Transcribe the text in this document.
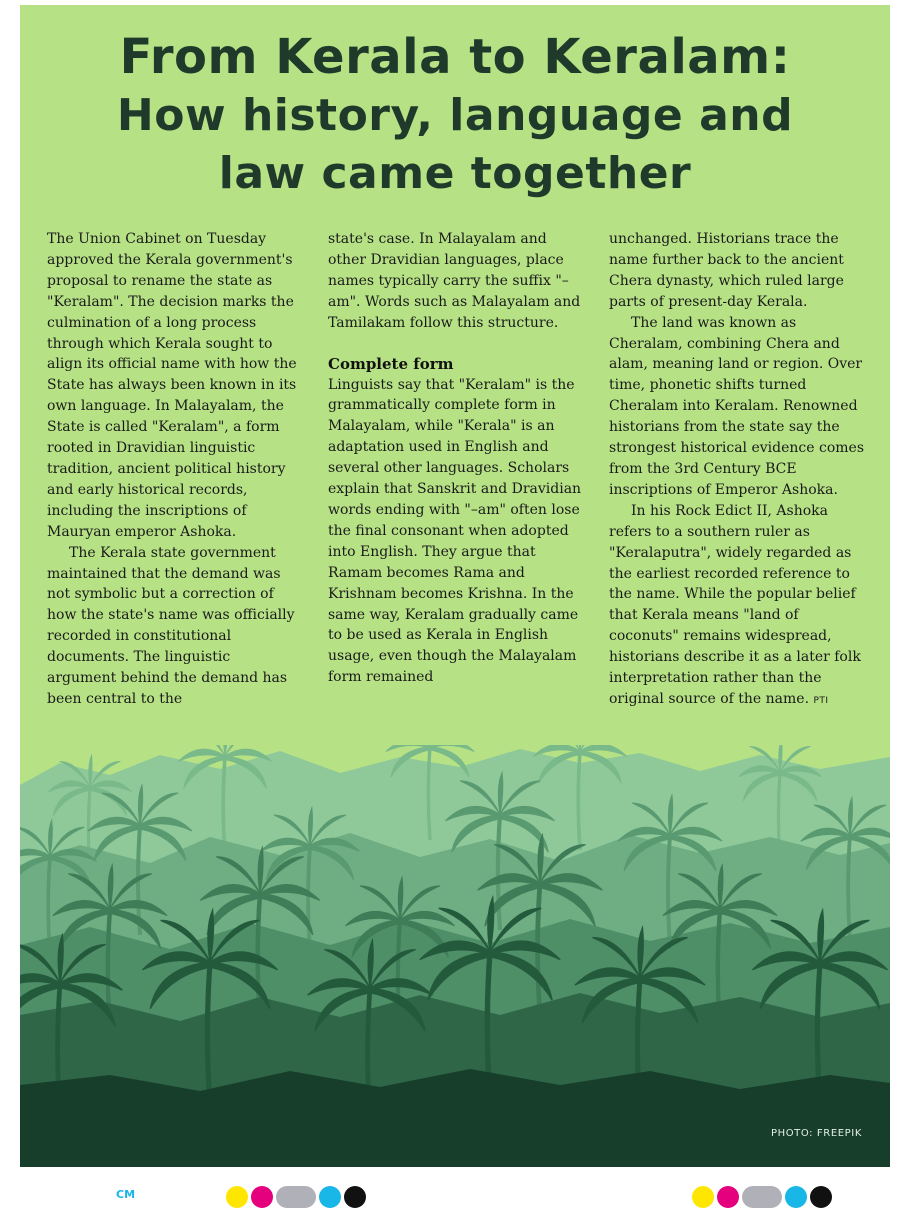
From Kerala to Keralam:
How history, language and
law came together

The Union Cabinet on Tuesday approved the Kerala government's proposal to rename the state as "Keralam". The decision marks the culmination of a long process through which Kerala sought to align its official name with how the State has always been known in its own language. In Malayalam, the State is called "Keralam", a form rooted in Dravidian linguistic tradition, ancient political history and early historical records, including the inscriptions of Mauryan emperor Ashoka.

The Kerala state government maintained that the demand was not symbolic but a correction of how the state's name was officially recorded in constitutional documents. The linguistic argument behind the demand has been central to the

state's case. In Malayalam and other Dravidian languages, place names typically carry the suffix "–am". Words such as Malayalam and Tamilakam follow this structure.

Complete form

Linguists say that "Keralam" is the grammatically complete form in Malayalam, while "Kerala" is an adaptation used in English and several other languages. Scholars explain that Sanskrit and Dravidian words ending with "–am" often lose the final consonant when adopted into English. They argue that Ramam becomes Rama and Krishnam becomes Krishna. In the same way, Keralam gradually came to be used as Kerala in English usage, even though the Malayalam form remained

unchanged. Historians trace the name further back to the ancient Chera dynasty, which ruled large parts of present-day Kerala.

The land was known as Cheralam, combining Chera and alam, meaning land or region. Over time, phonetic shifts turned Cheralam into Keralam. Renowned historians from the state say the strongest historical evidence comes from the 3rd Century BCE inscriptions of Emperor Ashoka.

In his Rock Edict II, Ashoka refers to a southern ruler as "Keralaputra", widely regarded as the earliest recorded reference to the name. While the popular belief that Kerala means "land of coconuts" remains widespread, historians describe it as a later folk interpretation rather than the original source of the name. PTI

PHOTO: FREEPIK
CM
